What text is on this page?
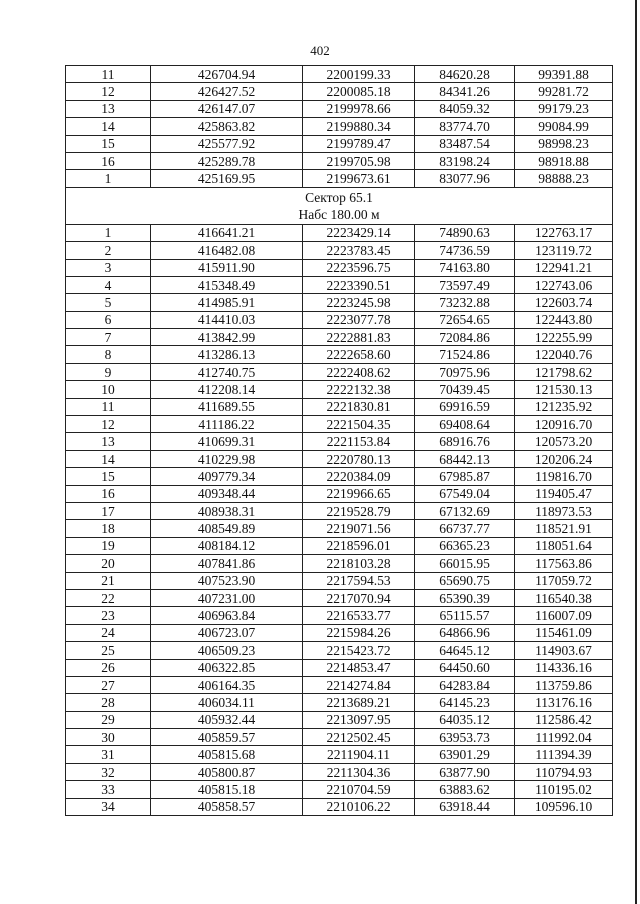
402
11	426704.94	2200199.33	84620.28	99391.88
12	426427.52	2200085.18	84341.26	99281.72
13	426147.07	2199978.66	84059.32	99179.23
14	425863.82	2199880.34	83774.70	99084.99
15	425577.92	2199789.47	83487.54	98998.23
16	425289.78	2199705.98	83198.24	98918.88
1	425169.95	2199673.61	83077.96	98888.23

Сектор 65.1
Набс 180.00 м				

1	416641.21	2223429.14	74890.63	122763.17
2	416482.08	2223783.45	74736.59	123119.72
3	415911.90	2223596.75	74163.80	122941.21
4	415348.49	2223390.51	73597.49	122743.06
5	414985.91	2223245.98	73232.88	122603.74
6	414410.03	2223077.78	72654.65	122443.80
7	413842.99	2222881.83	72084.86	122255.99
8	413286.13	2222658.60	71524.86	122040.76
9	412740.75	2222408.62	70975.96	121798.62
10	412208.14	2222132.38	70439.45	121530.13
11	411689.55	2221830.81	69916.59	121235.92
12	411186.22	2221504.35	69408.64	120916.70
13	410699.31	2221153.84	68916.76	120573.20
14	410229.98	2220780.13	68442.13	120206.24
15	409779.34	2220384.09	67985.87	119816.70
16	409348.44	2219966.65	67549.04	119405.47
17	408938.31	2219528.79	67132.69	118973.53
18	408549.89	2219071.56	66737.77	118521.91
19	408184.12	2218596.01	66365.23	118051.64
20	407841.86	2218103.28	66015.95	117563.86
21	407523.90	2217594.53	65690.75	117059.72
22	407231.00	2217070.94	65390.39	116540.38
23	406963.84	2216533.77	65115.57	116007.09
24	406723.07	2215984.26	64866.96	115461.09
25	406509.23	2215423.72	64645.12	114903.67
26	406322.85	2214853.47	64450.60	114336.16
27	406164.35	2214274.84	64283.84	113759.86
28	406034.11	2213689.21	64145.23	113176.16
29	405932.44	2213097.95	64035.12	112586.42
30	405859.57	2212502.45	63953.73	111992.04
31	405815.68	2211904.11	63901.29	111394.39
32	405800.87	2211304.36	63877.90	110794.93
33	405815.18	2210704.59	63883.62	110195.02
34	405858.57	2210106.22	63918.44	109596.10
